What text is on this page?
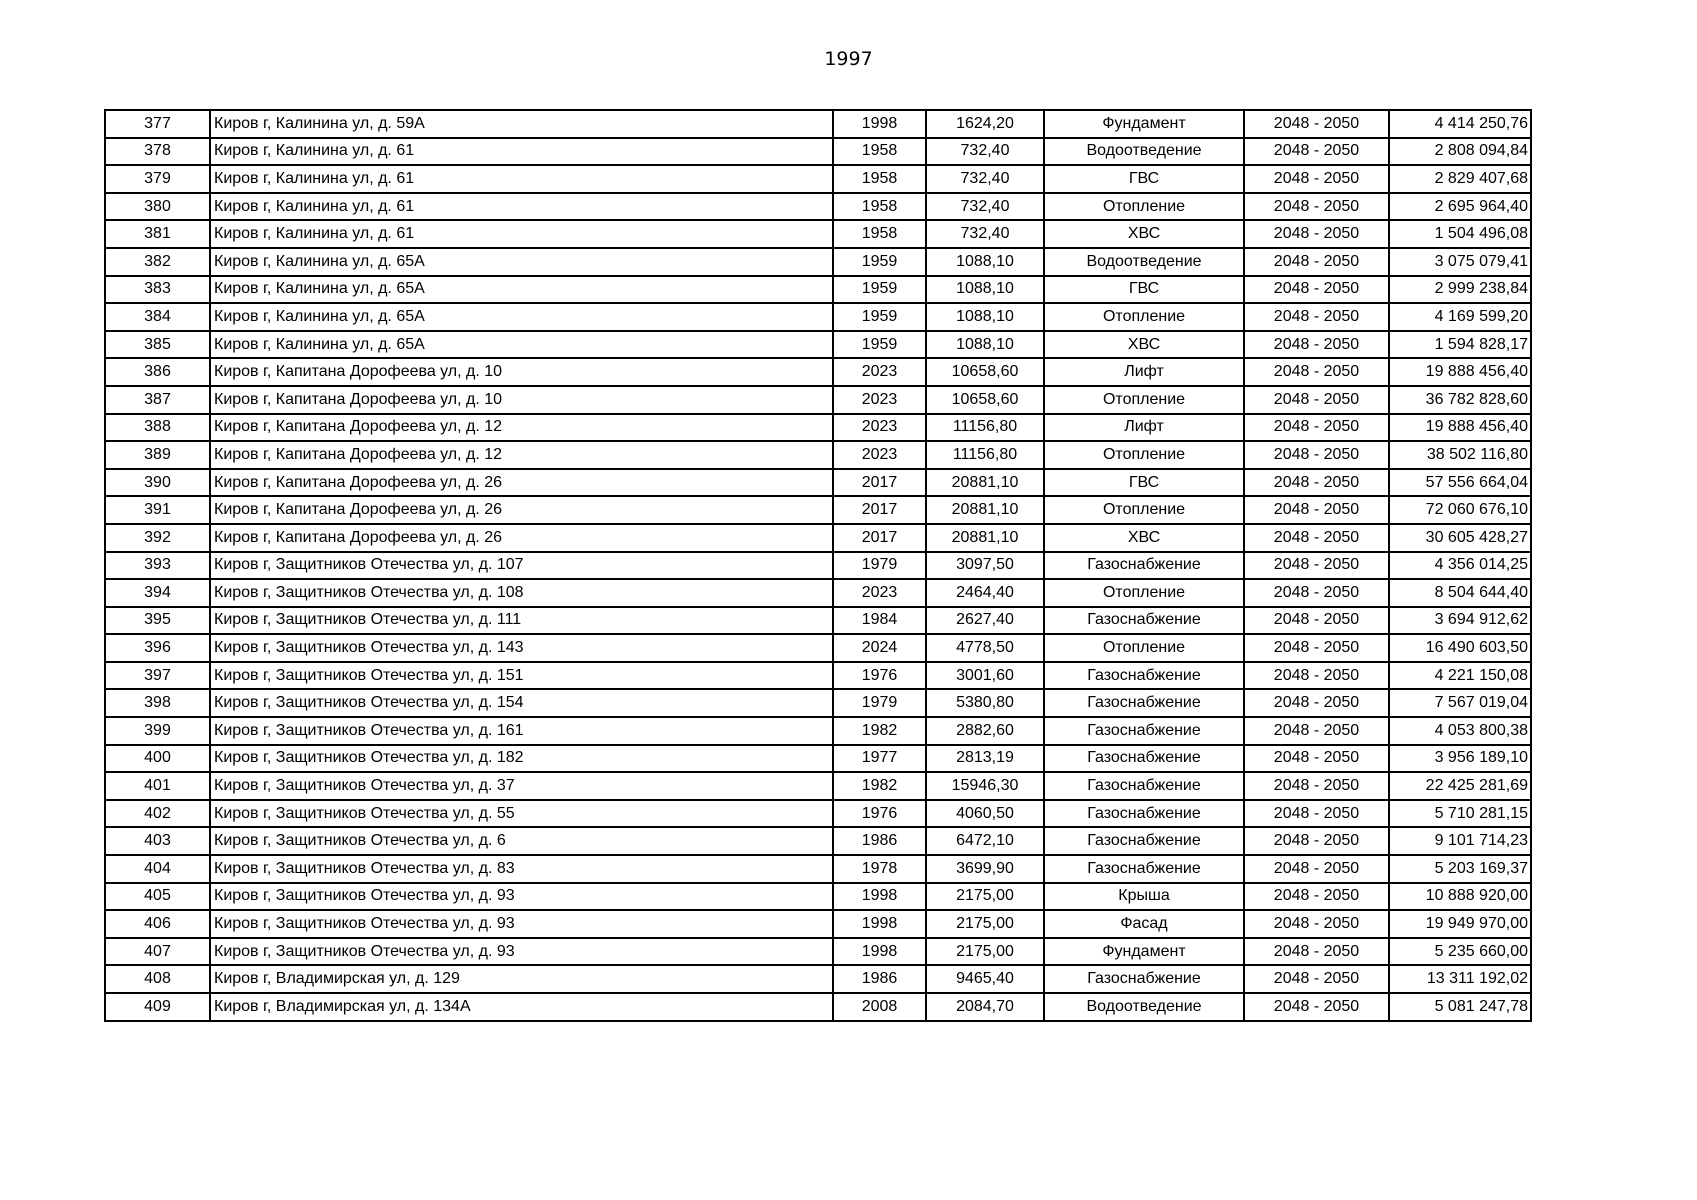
1997
377	Киров г, Калинина ул, д. 59А	1998	1624,20	Фундамент	2048 - 2050	4 414 250,76
378	Киров г, Калинина ул, д. 61	1958	732,40	Водоотведение	2048 - 2050	2 808 094,84
379	Киров г, Калинина ул, д. 61	1958	732,40	ГВС	2048 - 2050	2 829 407,68
380	Киров г, Калинина ул, д. 61	1958	732,40	Отопление	2048 - 2050	2 695 964,40
381	Киров г, Калинина ул, д. 61	1958	732,40	ХВС	2048 - 2050	1 504 496,08
382	Киров г, Калинина ул, д. 65А	1959	1088,10	Водоотведение	2048 - 2050	3 075 079,41
383	Киров г, Калинина ул, д. 65А	1959	1088,10	ГВС	2048 - 2050	2 999 238,84
384	Киров г, Калинина ул, д. 65А	1959	1088,10	Отопление	2048 - 2050	4 169 599,20
385	Киров г, Калинина ул, д. 65А	1959	1088,10	ХВС	2048 - 2050	1 594 828,17
386	Киров г, Капитана Дорофеева ул, д. 10	2023	10658,60	Лифт	2048 - 2050	19 888 456,40
387	Киров г, Капитана Дорофеева ул, д. 10	2023	10658,60	Отопление	2048 - 2050	36 782 828,60
388	Киров г, Капитана Дорофеева ул, д. 12	2023	11156,80	Лифт	2048 - 2050	19 888 456,40
389	Киров г, Капитана Дорофеева ул, д. 12	2023	11156,80	Отопление	2048 - 2050	38 502 116,80
390	Киров г, Капитана Дорофеева ул, д. 26	2017	20881,10	ГВС	2048 - 2050	57 556 664,04
391	Киров г, Капитана Дорофеева ул, д. 26	2017	20881,10	Отопление	2048 - 2050	72 060 676,10
392	Киров г, Капитана Дорофеева ул, д. 26	2017	20881,10	ХВС	2048 - 2050	30 605 428,27
393	Киров г, Защитников Отечества ул, д. 107	1979	3097,50	Газоснабжение	2048 - 2050	4 356 014,25
394	Киров г, Защитников Отечества ул, д. 108	2023	2464,40	Отопление	2048 - 2050	8 504 644,40
395	Киров г, Защитников Отечества ул, д. 111	1984	2627,40	Газоснабжение	2048 - 2050	3 694 912,62
396	Киров г, Защитников Отечества ул, д. 143	2024	4778,50	Отопление	2048 - 2050	16 490 603,50
397	Киров г, Защитников Отечества ул, д. 151	1976	3001,60	Газоснабжение	2048 - 2050	4 221 150,08
398	Киров г, Защитников Отечества ул, д. 154	1979	5380,80	Газоснабжение	2048 - 2050	7 567 019,04
399	Киров г, Защитников Отечества ул, д. 161	1982	2882,60	Газоснабжение	2048 - 2050	4 053 800,38
400	Киров г, Защитников Отечества ул, д. 182	1977	2813,19	Газоснабжение	2048 - 2050	3 956 189,10
401	Киров г, Защитников Отечества ул, д. 37	1982	15946,30	Газоснабжение	2048 - 2050	22 425 281,69
402	Киров г, Защитников Отечества ул, д. 55	1976	4060,50	Газоснабжение	2048 - 2050	5 710 281,15
403	Киров г, Защитников Отечества ул, д. 6	1986	6472,10	Газоснабжение	2048 - 2050	9 101 714,23
404	Киров г, Защитников Отечества ул, д. 83	1978	3699,90	Газоснабжение	2048 - 2050	5 203 169,37
405	Киров г, Защитников Отечества ул, д. 93	1998	2175,00	Крыша	2048 - 2050	10 888 920,00
406	Киров г, Защитников Отечества ул, д. 93	1998	2175,00	Фасад	2048 - 2050	19 949 970,00
407	Киров г, Защитников Отечества ул, д. 93	1998	2175,00	Фундамент	2048 - 2050	5 235 660,00
408	Киров г, Владимирская ул, д. 129	1986	9465,40	Газоснабжение	2048 - 2050	13 311 192,02
409	Киров г, Владимирская ул, д. 134А	2008	2084,70	Водоотведение	2048 - 2050	5 081 247,78
